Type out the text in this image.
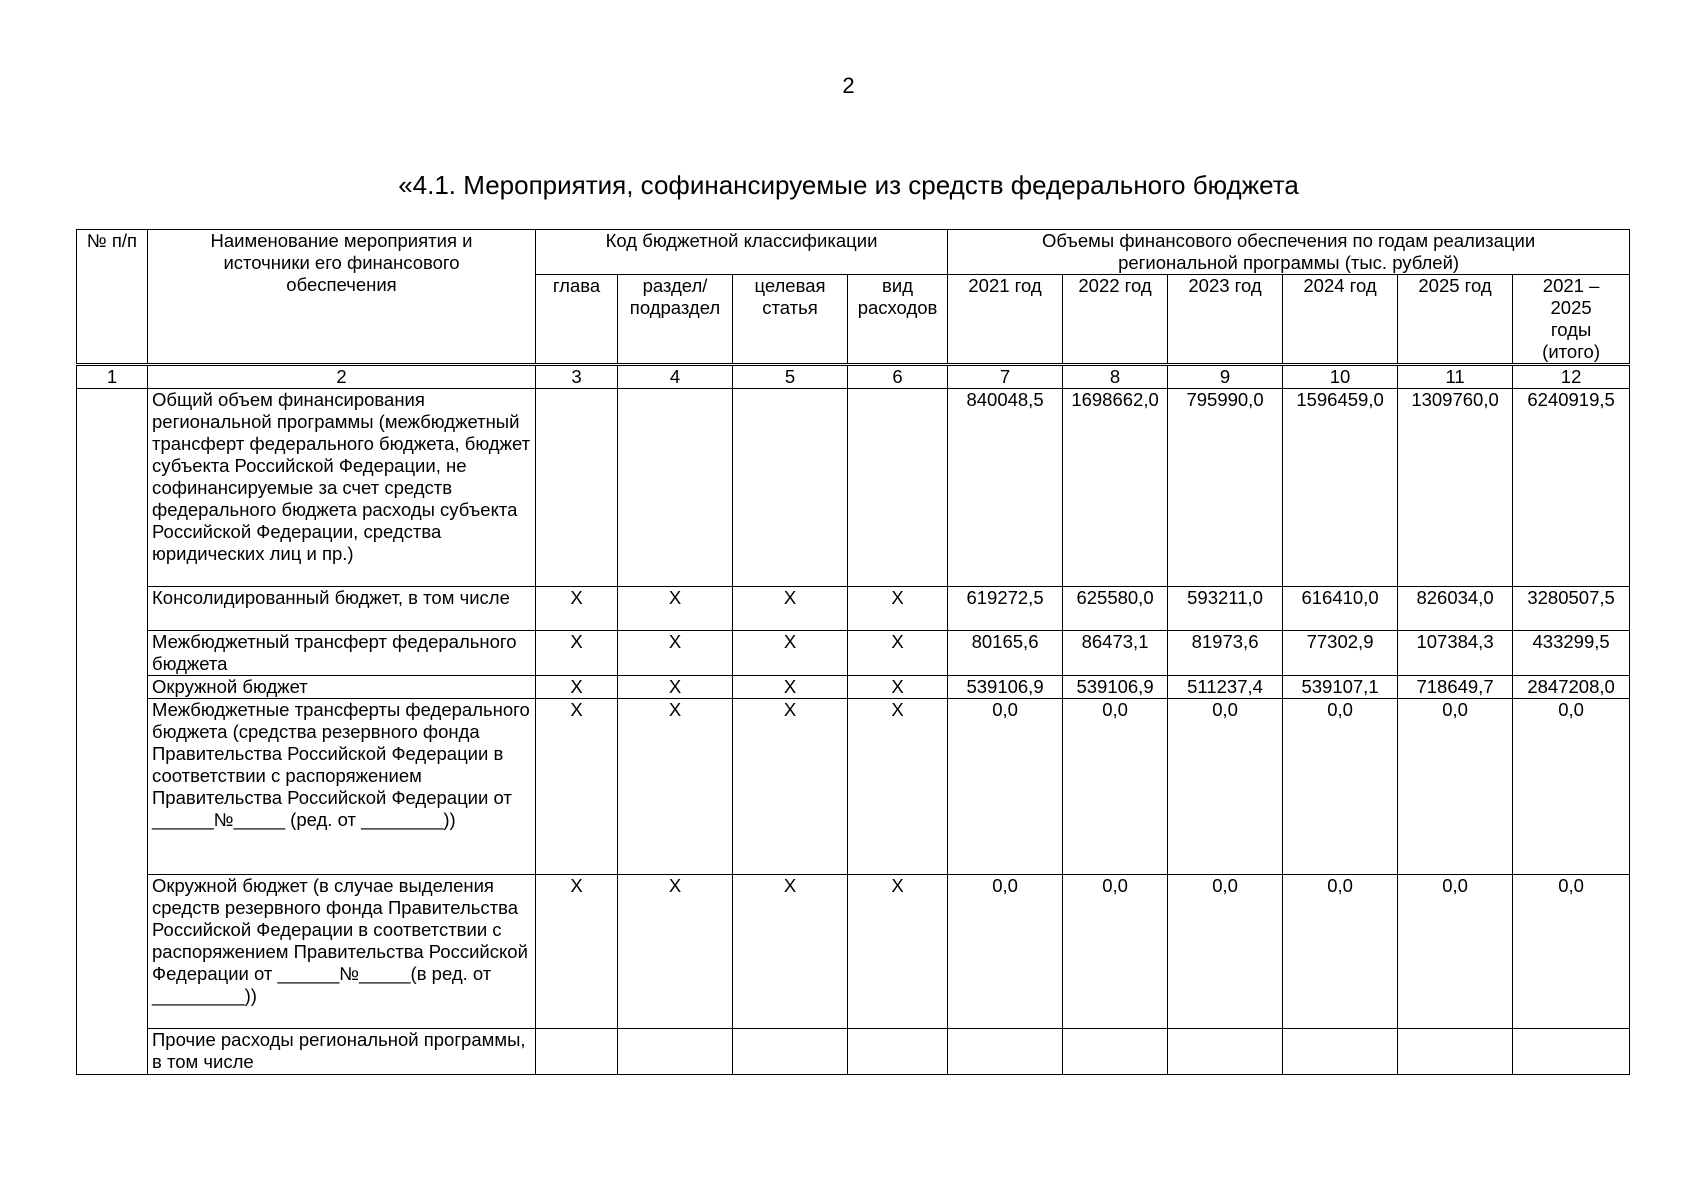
2
«4.1. Мероприятия, софинансируемые из средств федерального бюджета
№ п/п	Наименование мероприятия и источники его финансового обеспечения	Код бюджетной классификации				Объемы финансового обеспечения по годам реализации региональной программы (тыс. рублей)					
		глава	раздел/ подраздел	целевая статья	вид расходов	2021 год	2022 год	2023 год	2024 год	2025 год	2021 – 2025 годы (итого)
1	2	3	4	5	6	7	8	9	10	11	12
	Общий объем финансирования региональной программы (межбюджетный трансферт федерального бюджета, бюджет субъекта Российской Федерации, не софинансируемые за счет средств федерального бюджета расходы субъекта Российской Федерации, средства юридических лиц и пр.)					840048,5	1698662,0	795990,0	1596459,0	1309760,0	6240919,5
	Консолидированный бюджет, в том числе	X	X	X	X	619272,5	625580,0	593211,0	616410,0	826034,0	3280507,5
	Межбюджетный трансферт федерального бюджета	X	X	X	X	80165,6	86473,1	81973,6	77302,9	107384,3	433299,5
	Окружной бюджет	X	X	X	X	539106,9	539106,9	511237,4	539107,1	718649,7	2847208,0
	Межбюджетные трансферты федерального бюджета (средства резервного фонда Правительства Российской Федерации в соответствии с распоряжением Правительства Российской Федерации от ______№_____ (ред. от ________))	X	X	X	X	0,0	0,0	0,0	0,0	0,0	0,0
	Окружной бюджет (в случае выделения средств резервного фонда Правительства Российской Федерации в соответствии с распоряжением Правительства Российской Федерации от ______№_____(в ред. от _________))	X	X	X	X	0,0	0,0	0,0	0,0	0,0	0,0
	Прочие расходы региональной программы, в том числе										
